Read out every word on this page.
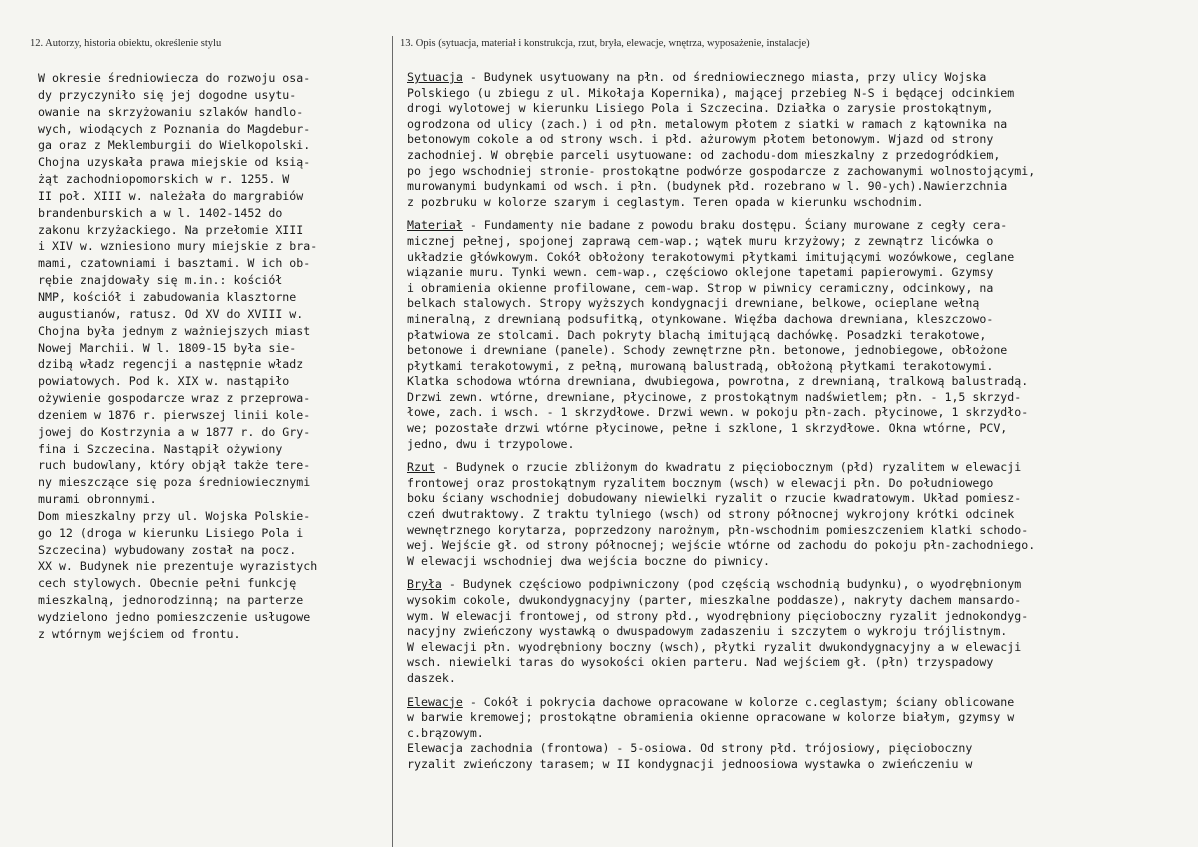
12. Autorzy, historia obiektu, określenie stylu	13. Opis (sytuacja, materiał i konstrukcja, rzut, bryła, elewacje, wnętrza, wyposażenie, instalacje)
W okresie średniowiecza do rozwoju osa-
dy przyczyniło się jej dogodne usytu-
owanie na skrzyżowaniu szlaków handlo-
wych, wiodących z Poznania do Magdebur-
ga oraz z Meklemburgii do Wielkopolski.
Chojna uzyskała prawa miejskie od ksią-
żąt zachodniopomorskich w r. 1255. W
II poł. XIII w. należała do margrabiów
brandenburskich a w l. 1402-1452 do
zakonu krzyżackiego. Na przełomie XIII
i XIV w. wzniesiono mury miejskie z bra-
mami, czatowniami i basztami. W ich ob-
rębie znajdowały się m.in.: kościół
NMP, kościół i zabudowania klasztorne
augustianów, ratusz. Od XV do XVIII w.
Chojna była jednym z ważniejszych miast
Nowej Marchii. W l. 1809-15 była sie-
dzibą władz regencji a następnie władz
powiatowych. Pod k. XIX w. nastąpiło
ożywienie gospodarcze wraz z przeprowa-
dzeniem w 1876 r. pierwszej linii kole-
jowej do Kostrzynia a w 1877 r. do Gry-
fina i Szczecina. Nastąpił ożywiony
ruch budowlany, który objął także tere-
ny mieszczące się poza średniowiecznymi
murami obronnymi.
Dom mieszkalny przy ul. Wojska Polskie-
go 12 (droga w kierunku Lisiego Pola i
Szczecina) wybudowany został na pocz.
XX w. Budynek nie prezentuje wyrazistych
cech stylowych. Obecnie pełni funkcję
mieszkalną, jednorodzinną; na parterze
wydzielono jedno pomieszczenie usługowe
z wtórnym wejściem od frontu.
Sytuacja - Budynek usytuowany na płn. od średniowiecznego miasta, przy ulicy Wojska
Polskiego (u zbiegu z ul. Mikołaja Kopernika), mającej przebieg N-S i będącej odcinkiem
drogi wylotowej w kierunku Lisiego Pola i Szczecina. Działka o zarysie prostokątnym,
ogrodzona od ulicy (zach.) i od płn. metalowym płotem z siatki w ramach z kątownika na
betonowym cokole a od strony wsch. i płd. ażurowym płotem betonowym. Wjazd od strony
zachodniej. W obrębie parceli usytuowane: od zachodu-dom mieszkalny z przedogródkiem,
po jego wschodniej stronie- prostokątne podwórze gospodarcze z zachowanymi wolnostojącymi,
murowanymi budynkami od wsch. i płn. (budynek płd. rozebrano w l. 90-ych).Nawierzchnia
z pozbruku w kolorze szarym i ceglastym. Teren opada w kierunku wschodnim.
Materiał - Fundamenty nie badane z powodu braku dostępu. Ściany murowane z cegły cera-
micznej pełnej, spojonej zaprawą cem-wap.; wątek muru krzyżowy; z zewnątrz licówka o
układzie główkowym. Cokół obłożony terakotowymi płytkami imitującymi wozówkowe, ceglane
wiązanie muru. Tynki wewn. cem-wap., częściowo oklejone tapetami papierowymi. Gzymsy
i obramienia okienne profilowane, cem-wap. Strop w piwnicy ceramiczny, odcinkowy, na
belkach stalowych. Stropy wyższych kondygnacji drewniane, belkowe, ocieplane wełną
mineralną, z drewnianą podsufitką, otynkowane. Więźba dachowa drewniana, kleszczowo-
płatwiowa ze stolcami. Dach pokryty blachą imitującą dachówkę. Posadzki terakotowe,
betonowe i drewniane (panele). Schody zewnętrzne płn. betonowe, jednobiegowe, obłożone
płytkami terakotowymi, z pełną, murowaną balustradą, obłożoną płytkami terakotowymi.
Klatka schodowa wtórna drewniana, dwubiegowa, powrotna, z drewnianą, tralkową balustradą.
Drzwi zewn. wtórne, drewniane, płycinowe, z prostokątnym nadświetlem; płn. - 1,5 skrzyd-
łowe, zach. i wsch. - 1 skrzydłowe. Drzwi wewn. w pokoju płn-zach. płycinowe, 1 skrzydło-
we; pozostałe drzwi wtórne płycinowe, pełne i szklone, 1 skrzydłowe. Okna wtórne, PCV,
jedno, dwu i trzypolowe.
Rzut - Budynek o rzucie zbliżonym do kwadratu z pięciobocznym (płd) ryzalitem w elewacji
frontowej oraz prostokątnym ryzalitem bocznym (wsch) w elewacji płn. Do południowego
boku ściany wschodniej dobudowany niewielki ryzalit o rzucie kwadratowym. Układ pomiesz-
czeń dwutraktowy. Z traktu tylniego (wsch) od strony północnej wykrojony krótki odcinek
wewnętrznego korytarza, poprzedzony narożnym, płn-wschodnim pomieszczeniem klatki schodo-
wej. Wejście gł. od strony północnej; wejście wtórne od zachodu do pokoju płn-zachodniego.
W elewacji wschodniej dwa wejścia boczne do piwnicy.
Bryła - Budynek częściowo podpiwniczony (pod częścią wschodnią budynku), o wyodrębnionym
wysokim cokole, dwukondygnacyjny (parter, mieszkalne poddasze), nakryty dachem mansardo-
wym. W elewacji frontowej, od strony płd., wyodrębniony pięcioboczny ryzalit jednokondyg-
nacyjny zwieńczony wystawką o dwuspadowym zadaszeniu i szczytem o wykroju trójlistnym.
W elewacji płn. wyodrębniony boczny (wsch), płytki ryzalit dwukondygnacyjny a w elewacji
wsch. niewielki taras do wysokości okien parteru. Nad wejściem gł. (płn) trzyspadowy
daszek.
Elewacje - Cokół i pokrycia dachowe opracowane w kolorze c.ceglastym; ściany oblicowane
w barwie kremowej; prostokątne obramienia okienne opracowane w kolorze białym, gzymsy w
c.brązowym.
Elewacja zachodnia (frontowa) - 5-osiowa. Od strony płd. trójosiowy, pięcioboczny
ryzalit zwieńczony tarasem; w II kondygnacji jednoosiowa wystawka o zwieńczeniu w
